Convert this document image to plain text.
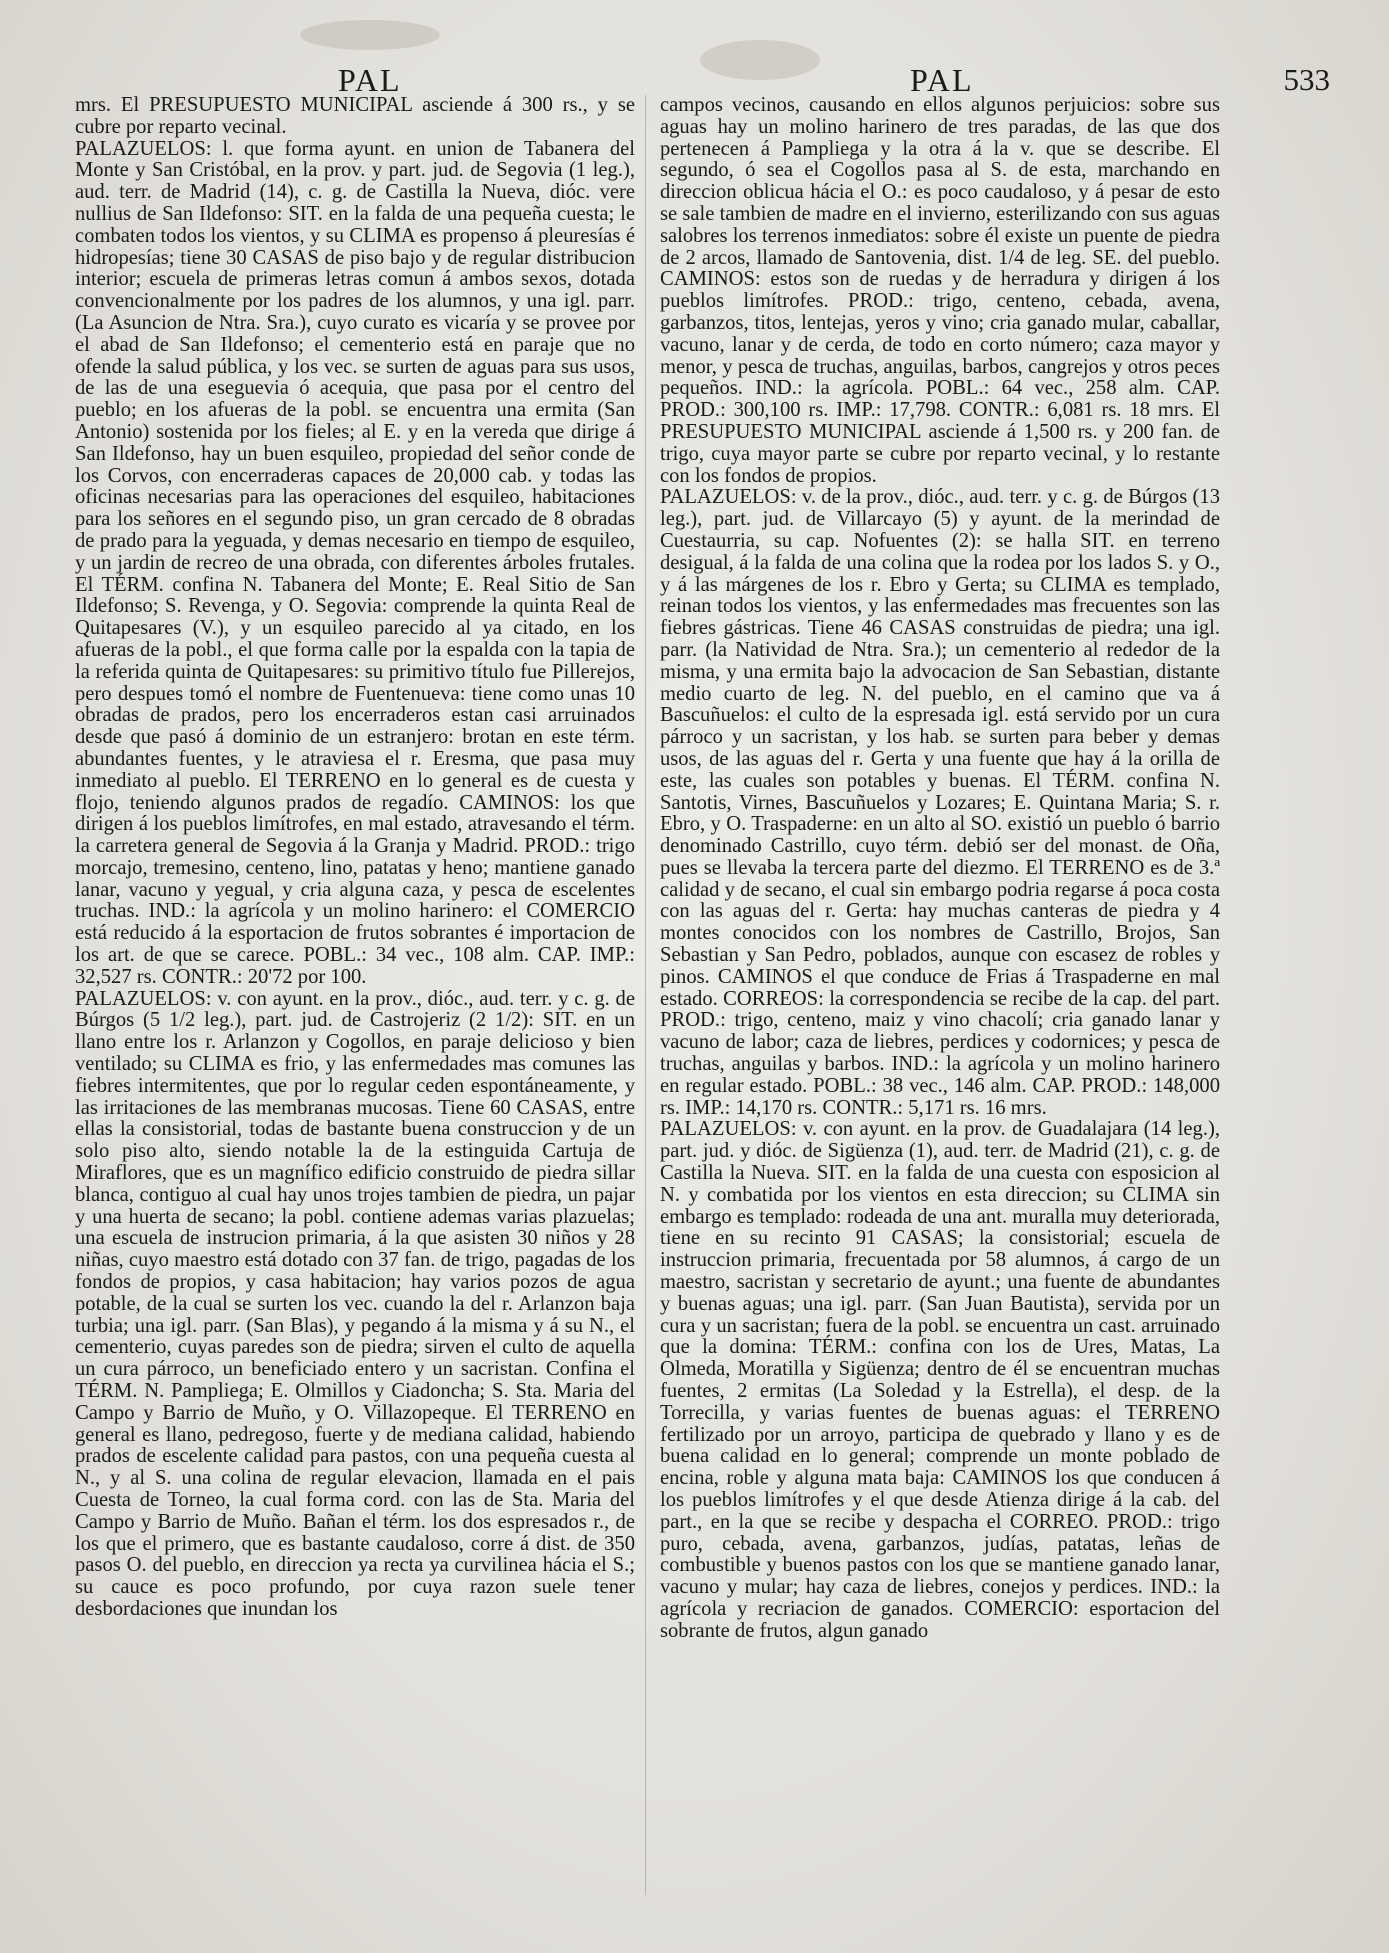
PAL	PAL	533

mrs. El PRESUPUESTO MUNICIPAL asciende á 300 rs., y se cubre por reparto vecinal.

PALAZUELOS: l. que forma ayunt. en union de Tabanera del Monte y San Cristóbal, en la prov. y part. jud. de Segovia (1 leg.), aud. terr. de Madrid (14), c. g. de Castilla la Nueva, dióc. vere nullius de San Ildefonso: SIT. en la falda de una pequeña cuesta; le combaten todos los vientos, y su CLIMA es propenso á pleuresías é hidropesías; tiene 30 CASAS de piso bajo y de regular distribucion interior; escuela de primeras letras comun á ambos sexos, dotada convencionalmente por los padres de los alumnos, y una igl. parr. (La Asuncion de Ntra. Sra.), cuyo curato es vicaría y se provee por el abad de San Ildefonso; el cementerio está en paraje que no ofende la salud pública, y los vec. se surten de aguas para sus usos, de las de una eseguevia ó acequia, que pasa por el centro del pueblo; en los afueras de la pobl. se encuentra una ermita (San Antonio) sostenida por los fieles; al E. y en la vereda que dirige á San Ildefonso, hay un buen esquileo, propiedad del señor conde de los Corvos, con encerraderas capaces de 20,000 cab. y todas las oficinas necesarias para las operaciones del esquileo, habitaciones para los señores en el segundo piso, un gran cercado de 8 obradas de prado para la yeguada, y demas necesario en tiempo de esquileo, y un jardin de recreo de una obrada, con diferentes árboles frutales. El TÉRM. confina N. Tabanera del Monte; E. Real Sitio de San Ildefonso; S. Revenga, y O. Segovia: comprende la quinta Real de Quitapesares (V.), y un esquileo parecido al ya citado, en los afueras de la pobl., el que forma calle por la espalda con la tapia de la referida quinta de Quitapesares: su primitivo título fue Pillerejos, pero despues tomó el nombre de Fuentenueva: tiene como unas 10 obradas de prados, pero los encerraderos estan casi arruinados desde que pasó á dominio de un estranjero: brotan en este térm. abundantes fuentes, y le atraviesa el r. Eresma, que pasa muy inmediato al pueblo. El TERRENO en lo general es de cuesta y flojo, teniendo algunos prados de regadío. CAMINOS: los que dirigen á los pueblos limítrofes, en mal estado, atravesando el térm. la carretera general de Segovia á la Granja y Madrid. PROD.: trigo morcajo, tremesino, centeno, lino, patatas y heno; mantiene ganado lanar, vacuno y yegual, y cria alguna caza, y pesca de escelentes truchas. IND.: la agrícola y un molino harinero: el COMERCIO está reducido á la esportacion de frutos sobrantes é importacion de los art. de que se carece. POBL.: 34 vec., 108 alm. CAP. IMP.: 32,527 rs. CONTR.: 20'72 por 100.

PALAZUELOS: v. con ayunt. en la prov., dióc., aud. terr. y c. g. de Búrgos (5 1/2 leg.), part. jud. de Castrojeriz (2 1/2): SIT. en un llano entre los r. Arlanzon y Cogollos, en paraje delicioso y bien ventilado; su CLIMA es frio, y las enfermedades mas comunes las fiebres intermitentes, que por lo regular ceden espontáneamente, y las irritaciones de las membranas mucosas. Tiene 60 CASAS, entre ellas la consistorial, todas de bastante buena construccion y de un solo piso alto, siendo notable la de la estinguida Cartuja de Miraflores, que es un magnífico edificio construido de piedra sillar blanca, contiguo al cual hay unos trojes tambien de piedra, un pajar y una huerta de secano; la pobl. contiene ademas varias plazuelas; una escuela de instrucion primaria, á la que asisten 30 niños y 28 niñas, cuyo maestro está dotado con 37 fan. de trigo, pagadas de los fondos de propios, y casa habitacion; hay varios pozos de agua potable, de la cual se surten los vec. cuando la del r. Arlanzon baja turbia; una igl. parr. (San Blas), y pegando á la misma y á su N., el cementerio, cuyas paredes son de piedra; sirven el culto de aquella un cura párroco, un beneficiado entero y un sacristan. Confina el TÉRM. N. Pampliega; E. Olmillos y Ciadoncha; S. Sta. Maria del Campo y Barrio de Muño, y O. Villazopeque. El TERRENO en general es llano, pedregoso, fuerte y de mediana calidad, habiendo prados de escelente calidad para pastos, con una pequeña cuesta al N., y al S. una colina de regular elevacion, llamada en el pais Cuesta de Torneo, la cual forma cord. con las de Sta. Maria del Campo y Barrio de Muño. Bañan el térm. los dos espresados r., de los que el primero, que es bastante caudaloso, corre á dist. de 350 pasos O. del pueblo, en direccion ya recta ya curvilinea hácia el S.; su cauce es poco profundo, por cuya razon suele tener desbordaciones que inundan los

campos vecinos, causando en ellos algunos perjuicios: sobre sus aguas hay un molino harinero de tres paradas, de las que dos pertenecen á Pampliega y la otra á la v. que se describe. El segundo, ó sea el Cogollos pasa al S. de esta, marchando en direccion oblicua hácia el O.: es poco caudaloso, y á pesar de esto se sale tambien de madre en el invierno, esterilizando con sus aguas salobres los terrenos inmediatos: sobre él existe un puente de piedra de 2 arcos, llamado de Santovenia, dist. 1/4 de leg. SE. del pueblo. CAMINOS: estos son de ruedas y de herradura y dirigen á los pueblos limítrofes. PROD.: trigo, centeno, cebada, avena, garbanzos, titos, lentejas, yeros y vino; cria ganado mular, caballar, vacuno, lanar y de cerda, de todo en corto número; caza mayor y menor, y pesca de truchas, anguilas, barbos, cangrejos y otros peces pequeños. IND.: la agrícola. POBL.: 64 vec., 258 alm. CAP. PROD.: 300,100 rs. IMP.: 17,798. CONTR.: 6,081 rs. 18 mrs. El PRESUPUESTO MUNICIPAL asciende á 1,500 rs. y 200 fan. de trigo, cuya mayor parte se cubre por reparto vecinal, y lo restante con los fondos de propios.

PALAZUELOS: v. de la prov., dióc., aud. terr. y c. g. de Búrgos (13 leg.), part. jud. de Villarcayo (5) y ayunt. de la merindad de Cuestaurria, su cap. Nofuentes (2): se halla SIT. en terreno desigual, á la falda de una colina que la rodea por los lados S. y O., y á las márgenes de los r. Ebro y Gerta; su CLIMA es templado, reinan todos los vientos, y las enfermedades mas frecuentes son las fiebres gástricas. Tiene 46 CASAS construidas de piedra; una igl. parr. (la Natividad de Ntra. Sra.); un cementerio al rededor de la misma, y una ermita bajo la advocacion de San Sebastian, distante medio cuarto de leg. N. del pueblo, en el camino que va á Bascuñuelos: el culto de la espresada igl. está servido por un cura párroco y un sacristan, y los hab. se surten para beber y demas usos, de las aguas del r. Gerta y una fuente que hay á la orilla de este, las cuales son potables y buenas. El TÉRM. confina N. Santotis, Virnes, Bascuñuelos y Lozares; E. Quintana Maria; S. r. Ebro, y O. Traspaderne: en un alto al SO. existió un pueblo ó barrio denominado Castrillo, cuyo térm. debió ser del monast. de Oña, pues se llevaba la tercera parte del diezmo. El TERRENO es de 3.ª calidad y de secano, el cual sin embargo podria regarse á poca costa con las aguas del r. Gerta: hay muchas canteras de piedra y 4 montes conocidos con los nombres de Castrillo, Brojos, San Sebastian y San Pedro, poblados, aunque con escasez de robles y pinos. CAMINOS el que conduce de Frias á Traspaderne en mal estado. CORREOS: la correspondencia se recibe de la cap. del part. PROD.: trigo, centeno, maiz y vino chacolí; cria ganado lanar y vacuno de labor; caza de liebres, perdices y codornices; y pesca de truchas, anguilas y barbos. IND.: la agrícola y un molino harinero en regular estado. POBL.: 38 vec., 146 alm. CAP. PROD.: 148,000 rs. IMP.: 14,170 rs. CONTR.: 5,171 rs. 16 mrs.

PALAZUELOS: v. con ayunt. en la prov. de Guadalajara (14 leg.), part. jud. y dióc. de Sigüenza (1), aud. terr. de Madrid (21), c. g. de Castilla la Nueva. SIT. en la falda de una cuesta con esposicion al N. y combatida por los vientos en esta direccion; su CLIMA sin embargo es templado: rodeada de una ant. muralla muy deteriorada, tiene en su recinto 91 CASAS; la consistorial; escuela de instruccion primaria, frecuentada por 58 alumnos, á cargo de un maestro, sacristan y secretario de ayunt.; una fuente de abundantes y buenas aguas; una igl. parr. (San Juan Bautista), servida por un cura y un sacristan; fuera de la pobl. se encuentra un cast. arruinado que la domina: TÉRM.: confina con los de Ures, Matas, La Olmeda, Moratilla y Sigüenza; dentro de él se encuentran muchas fuentes, 2 ermitas (La Soledad y la Estrella), el desp. de la Torrecilla, y varias fuentes de buenas aguas: el TERRENO fertilizado por un arroyo, participa de quebrado y llano y es de buena calidad en lo general; comprende un monte poblado de encina, roble y alguna mata baja: CAMINOS los que conducen á los pueblos limítrofes y el que desde Atienza dirige á la cab. del part., en la que se recibe y despacha el CORREO. PROD.: trigo puro, cebada, avena, garbanzos, judías, patatas, leñas de combustible y buenos pastos con los que se mantiene ganado lanar, vacuno y mular; hay caza de liebres, conejos y perdices. IND.: la agrícola y recriacion de ganados. COMERCIO: esportacion del sobrante de frutos, algun ganado
